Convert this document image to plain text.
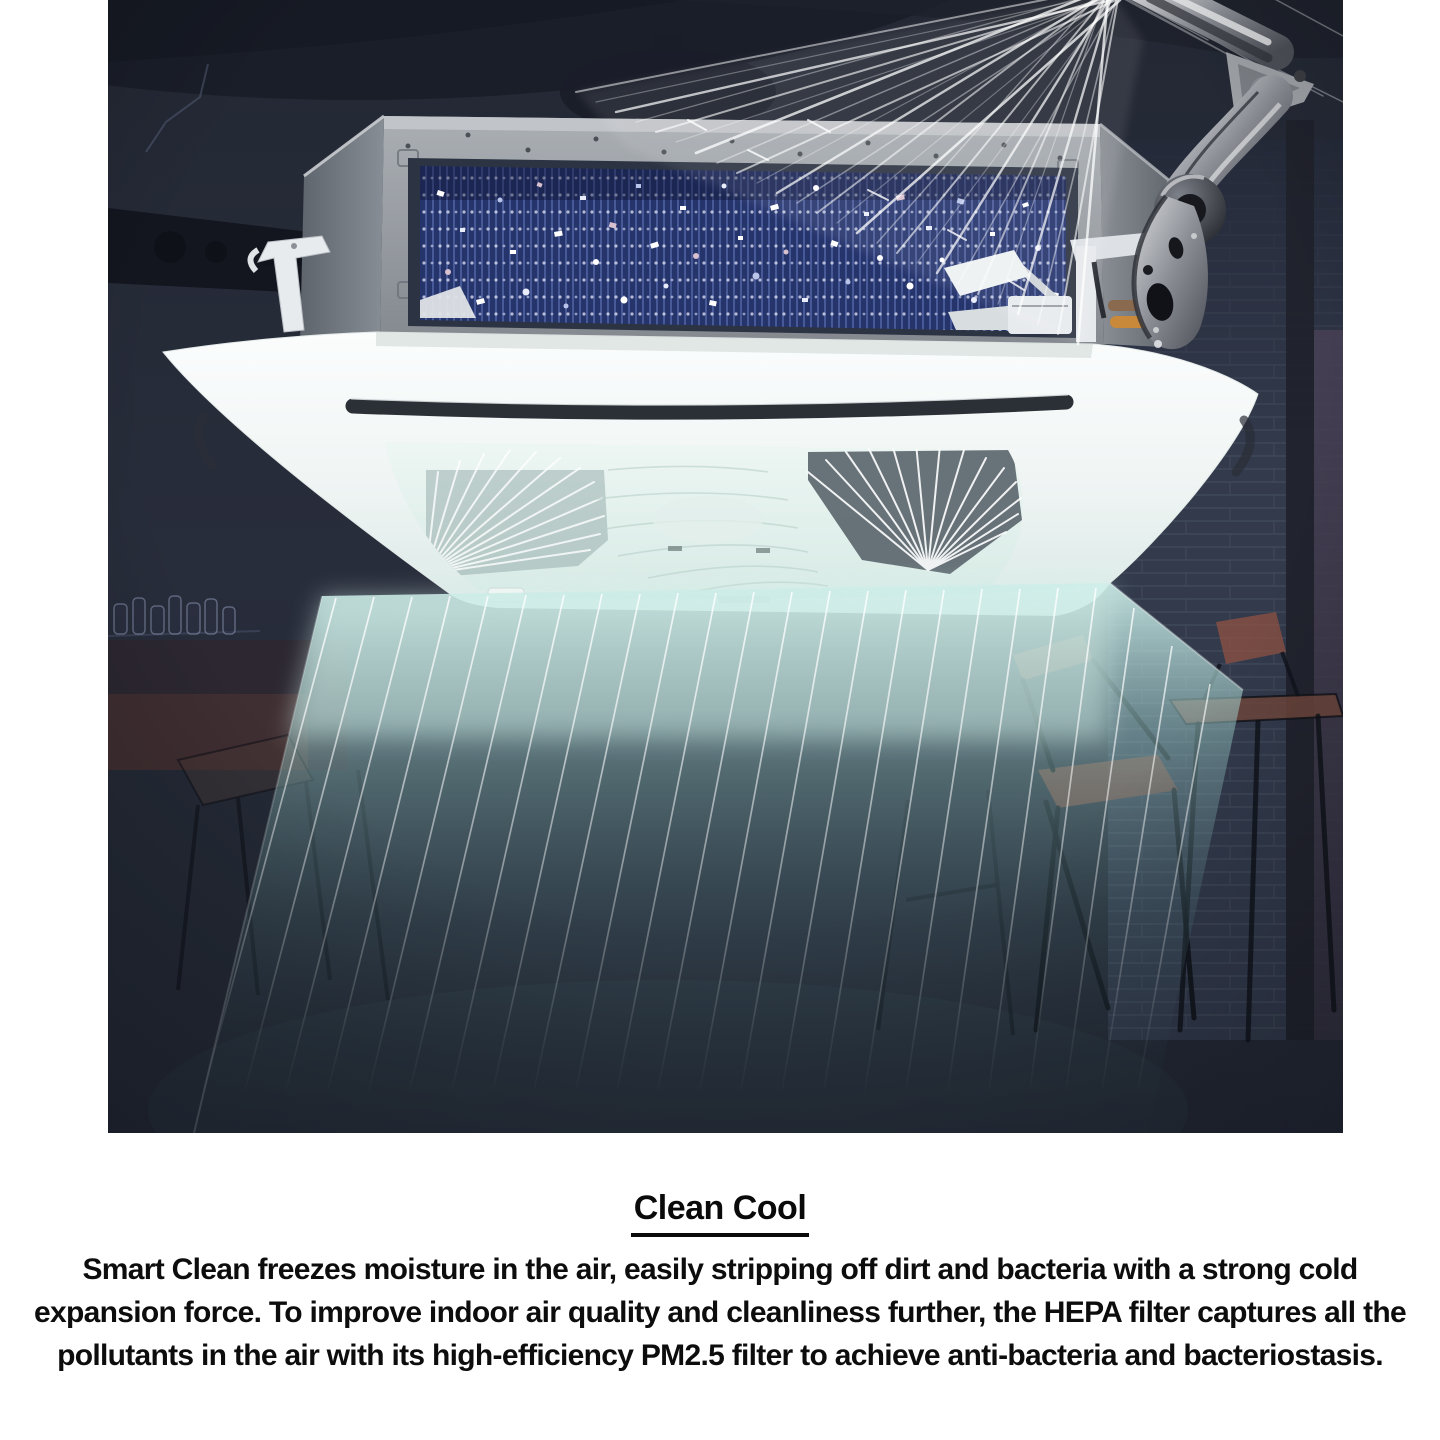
Clean Cool
Smart Clean freezes moisture in the air, easily stripping off dirt and bacteria with a strong cold
expansion force. To improve indoor air quality and cleanliness further, the HEPA filter captures all the
pollutants in the air with its high-efficiency PM2.5 filter to achieve anti-bacteria and bacteriostasis.
